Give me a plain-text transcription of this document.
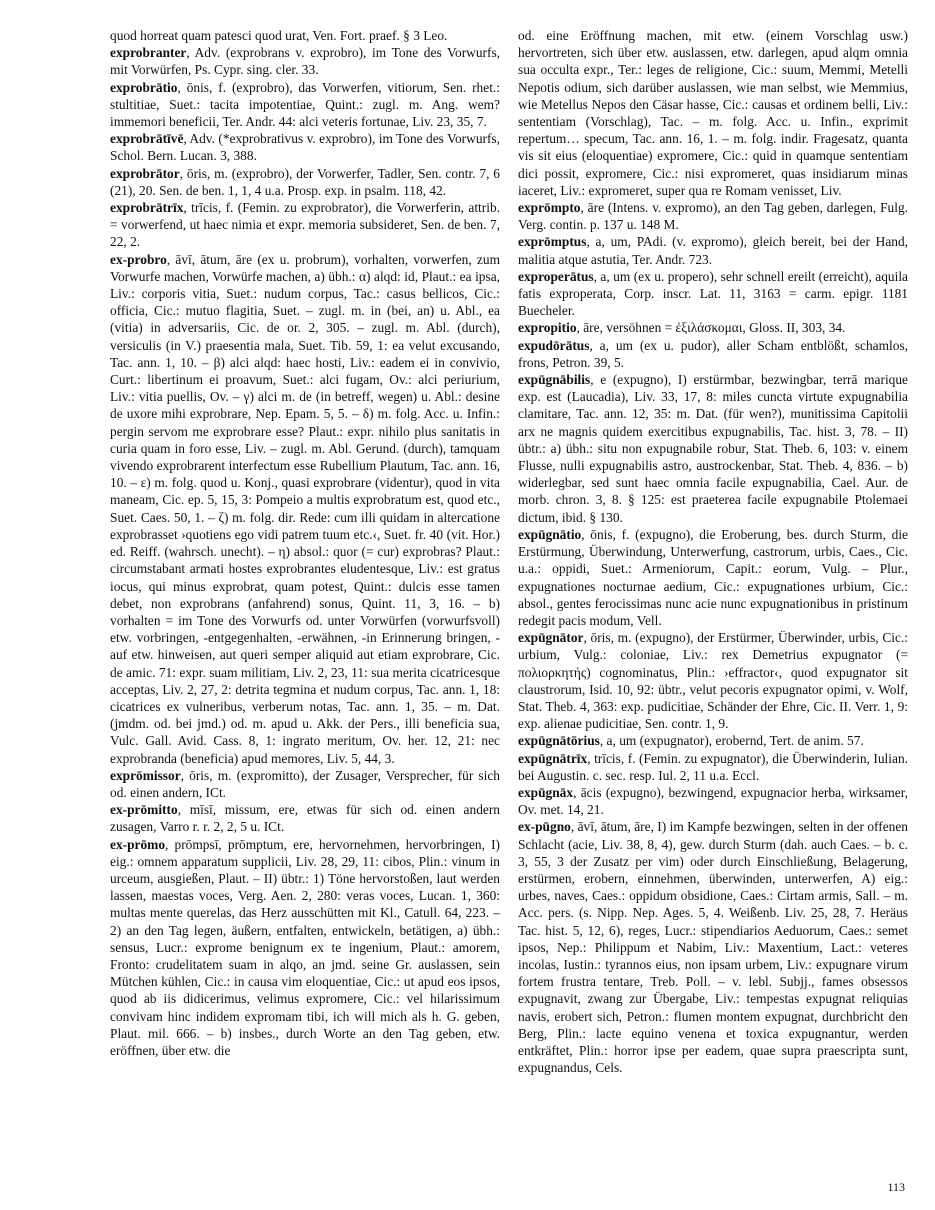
quod horreat quam patesci quod urat, Ven. Fort. praef. § 3 Leo.

exprobranter, Adv. (exprobrans v. exprobro), im Tone des Vorwurfs, mit Vorwürfen, Ps. Cypr. sing. cler. 33.

exprobrātio, ōnis, f. (exprobro), das Vorwerfen, vitiorum, Sen. rhet.: stultitiae, Suet.: tacita impotentiae, Quint.: zugl. m. Ang. wem? immemori beneficii, Ter. Andr. 44: alci veteris fortunae, Liv. 23, 35, 7.

exprobrātīvē, Adv. (*exprobrativus v. exprobro), im Tone des Vorwurfs, Schol. Bern. Lucan. 3, 388.

exprobrātor, ōris, m. (exprobro), der Vorwerfer, Tadler, Sen. contr. 7, 6 (21), 20. Sen. de ben. 1, 1, 4 u.a. Prosp. exp. in psalm. 118, 42.

exprobrātrīx, trīcis, f. (Femin. zu exprobrator), die Vorwerferin, attrib. = vorwerfend, ut haec nimia et expr. memoria subsideret, Sen. de ben. 7, 22, 2.

ex-probro, āvī, ātum, āre (ex u. probrum), vorhalten, vorwerfen, zum Vorwurfe machen, Vorwürfe machen, a) übh.: α) alqd: id, Plaut.: ea ipsa, Liv.: corporis vitia, Suet.: nudum corpus, Tac.: casus bellicos, Cic.: officia, Cic.: mutuo flagitia, Suet. – zugl. m. in (bei, an) u. Abl., ea (vitia) in adversariis, Cic. de or. 2, 305. – zugl. m. Abl. (durch), versiculis (in V.) praesentia mala, Suet. Tib. 59, 1: ea velut excusando, Tac. ann. 1, 10. – β) alci alqd: haec hosti, Liv.: eadem ei in convivio, Curt.: libertinum ei proavum, Suet.: alci fugam, Ov.: alci periurium, Liv.: vitia puellis, Ov. – γ) alci m. de (in betreff, wegen) u. Abl.: desine de uxore mihi exprobrare, Nep. Epam. 5, 5. – δ) m. folg. Acc. u. Infin.: pergin servom me exprobrare esse? Plaut.: expr. nihilo plus sanitatis in curia quam in foro esse, Liv. – zugl. m. Abl. Gerund. (durch), tamquam vivendo exprobrarent interfectum esse Rubellium Plautum, Tac. ann. 16, 10. – ε) m. folg. quod u. Konj., quasi exprobrare (videntur), quod in vita maneam, Cic. ep. 5, 15, 3: Pompeio a multis exprobratum est, quod etc., Suet. Caes. 50, 1. – ζ) m. folg. dir. Rede: cum illi quidam in altercatione exprobrasset ›quotiens ego vidi patrem tuum etc.‹, Suet. fr. 40 (vit. Hor.) ed. Reiff. (wahrsch. unecht). – η) absol.: quor (= cur) exprobras? Plaut.: circumstabant armati hostes exprobrantes eludentesque, Liv.: est gratus iocus, qui minus exprobrat, quam potest, Quint.: dulcis esse tamen debet, non exprobrans (anfahrend) sonus, Quint. 11, 3, 16. – b) vorhalten = im Tone des Vorwurfs od. unter Vorwürfen (vorwurfsvoll) etw. vorbringen, -entgegenhalten, -erwähnen, -in Erinnerung bringen, -auf etw. hinweisen, aut queri semper aliquid aut etiam exprobrare, Cic. de amic. 71: expr. suam militiam, Liv. 2, 23, 11: sua merita cicatricesque acceptas, Liv. 2, 27, 2: detrita tegmina et nudum corpus, Tac. ann. 1, 18: cicatrices ex vulneribus, verberum notas, Tac. ann. 1, 35. – m. Dat. (jmdm. od. bei jmd.) od. m. apud u. Akk. der Pers., illi beneficia sua, Vulc. Gall. Avid. Cass. 8, 1: ingrato meritum, Ov. her. 12, 21: nec exprobranda (beneficia) apud memores, Liv. 5, 44, 3.

exprōmissor, ōris, m. (expromitto), der Zusager, Versprecher, für sich od. einen andern, ICt.

ex-prōmitto, mīsī, missum, ere, etwas für sich od. einen andern zusagen, Varro r. r. 2, 2, 5 u. ICt.

ex-prōmo, prōmpsī, prōmptum, ere, hervornehmen, hervorbringen, I) eig.: omnem apparatum supplicii, Liv. 28, 29, 11: cibos, Plin.: vinum in urceum, ausgießen, Plaut. – II) übtr.: 1) Töne hervorstoßen, laut werden lassen, maestas voces, Verg. Aen. 2, 280: veras voces, Lucan. 1, 360: multas mente querelas, das Herz ausschütten mit Kl., Catull. 64, 223. – 2) an den Tag legen, äußern, entfalten, entwickeln, betätigen, a) übh.: sensus, Lucr.: exprome benignum ex te ingenium, Plaut.: amorem, Fronto: crudelitatem suam in alqo, an jmd. seine Gr. auslassen, sein Mütchen kühlen, Cic.: in causa vim eloquentiae, Cic.: ut apud eos ipsos, quod ab iis didicerimus, velimus expromere, Cic.: vel hilarissimum convivam hinc indidem expromam tibi, ich will mich als h. G. geben, Plaut. mil. 666. – b) insbes., durch Worte an den Tag geben, etw. eröffnen, über etw. die

od. eine Eröffnung machen, mit etw. (einem Vorschlag usw.) hervortreten, sich über etw. auslassen, etw. darlegen, apud alqm omnia sua occulta expr., Ter.: leges de religione, Cic.: suum, Memmi, Metelli Nepotis odium, sich darüber auslassen, wie man selbst, wie Memmius, wie Metellus Nepos den Cäsar hasse, Cic.: causas et ordinem belli, Liv.: sententiam (Vorschlag), Tac. – m. folg. Acc. u. Infin., exprimit repertum… specum, Tac. ann. 16, 1. – m. folg. indir. Fragesatz, quanta vis sit eius (eloquentiae) expromere, Cic.: quid in quamque sententiam dici possit, expromere, Cic.: nisi expromeret, quas insidiarum minas iaceret, Liv.: expromeret, super qua re Romam venisset, Liv.

exprōmpto, āre (Intens. v. expromo), an den Tag geben, darlegen, Fulg. Verg. contin. p. 137 u. 148 M.

exprōmptus, a, um, PAdi. (v. expromo), gleich bereit, bei der Hand, malitia atque astutia, Ter. Andr. 723.

exproperātus, a, um (ex u. propero), sehr schnell ereilt (erreicht), aquila fatis exproperata, Corp. inscr. Lat. 11, 3163 = carm. epigr. 1181 Buecheler.

expropitio, āre, versöhnen = ἐξιλάσκομαι, Gloss. II, 303, 34.

expudōrātus, a, um (ex u. pudor), aller Scham entblößt, schamlos, frons, Petron. 39, 5.

expūgnābilis, e (expugno), I) erstürmbar, bezwingbar, terrā marique exp. est (Laucadia), Liv. 33, 17, 8: miles cuncta virtute expugnabilia clamitare, Tac. ann. 12, 35: m. Dat. (für wen?), munitissima Capitolii arx ne magnis quidem exercitibus expugnabilis, Tac. hist. 3, 78. – II) übtr.: a) übh.: situ non expugnabile robur, Stat. Theb. 6, 103: v. einem Flusse, nulli expugnabilis astro, austrockenbar, Stat. Theb. 4, 836. – b) widerlegbar, sed sunt haec omnia facile expugnabilia, Cael. Aur. de morb. chron. 3, 8. § 125: est praeterea facile expugnabile Ptolemaei dictum, ibid. § 130.

expūgnātio, ōnis, f. (expugno), die Eroberung, bes. durch Sturm, die Erstürmung, Überwindung, Unterwerfung, castrorum, urbis, Caes., Cic. u.a.: oppidi, Suet.: Armeniorum, Capit.: eorum, Vulg. – Plur., expugnationes nocturnae aedium, Cic.: expugnationes urbium, Cic.: absol., gentes ferocissimas nunc acie nunc expugnationibus in pristinum redegit pacis modum, Vell.

expūgnātor, ōris, m. (expugno), der Erstürmer, Überwinder, urbis, Cic.: urbium, Vulg.: coloniae, Liv.: rex Demetrius expugnator (= πολιορκητής) cognominatus, Plin.: ›effractor‹, quod expugnator sit claustrorum, Isid. 10, 92: übtr., velut pecoris expugnator opimi, v. Wolf, Stat. Theb. 4, 363: exp. pudicitiae, Schänder der Ehre, Cic. II. Verr. 1, 9: exp. alienae pudicitiae, Sen. contr. 1, 9.

expūgnātōrius, a, um (expugnator), erobernd, Tert. de anim. 57.

expūgnātrīx, trīcis, f. (Femin. zu expugnator), die Überwinderin, Iulian. bei Augustin. c. sec. resp. Iul. 2, 11 u.a. Eccl.

expūgnāx, ācis (expugno), bezwingend, expugnacior herba, wirksamer, Ov. met. 14, 21.

ex-pūgno, āvī, ātum, āre, I) im Kampfe bezwingen, selten in der offenen Schlacht (acie, Liv. 38, 8, 4), gew. durch Sturm (dah. auch Caes. – b. c. 3, 55, 3 der Zusatz per vim) oder durch Einschließung, Belagerung, erstürmen, erobern, einnehmen, überwinden, unterwerfen, A) eig.: urbes, naves, Caes.: oppidum obsidione, Caes.: Cirtam armis, Sall. – m. Acc. pers. (s. Nipp. Nep. Ages. 5, 4. Weißenb. Liv. 25, 28, 7. Heräus Tac. hist. 5, 12, 6), reges, Lucr.: stipendiarios Aeduorum, Caes.: semet ipsos, Nep.: Philippum et Nabim, Liv.: Maxentium, Lact.: veteres incolas, Iustin.: tyrannos eius, non ipsam urbem, Liv.: expugnare virum fortem frustra tentare, Treb. Poll. – v. lebl. Subjj., fames obsessos expugnavit, zwang zur Übergabe, Liv.: tempestas expugnat reliquias navis, erobert sich, Petron.: flumen montem expugnat, durchbricht den Berg, Plin.: lacte equino venena et toxica expugnantur, werden entkräftet, Plin.: horror ipse per eadem, quae supra praescripta sunt, expugnandus, Cels.

113
